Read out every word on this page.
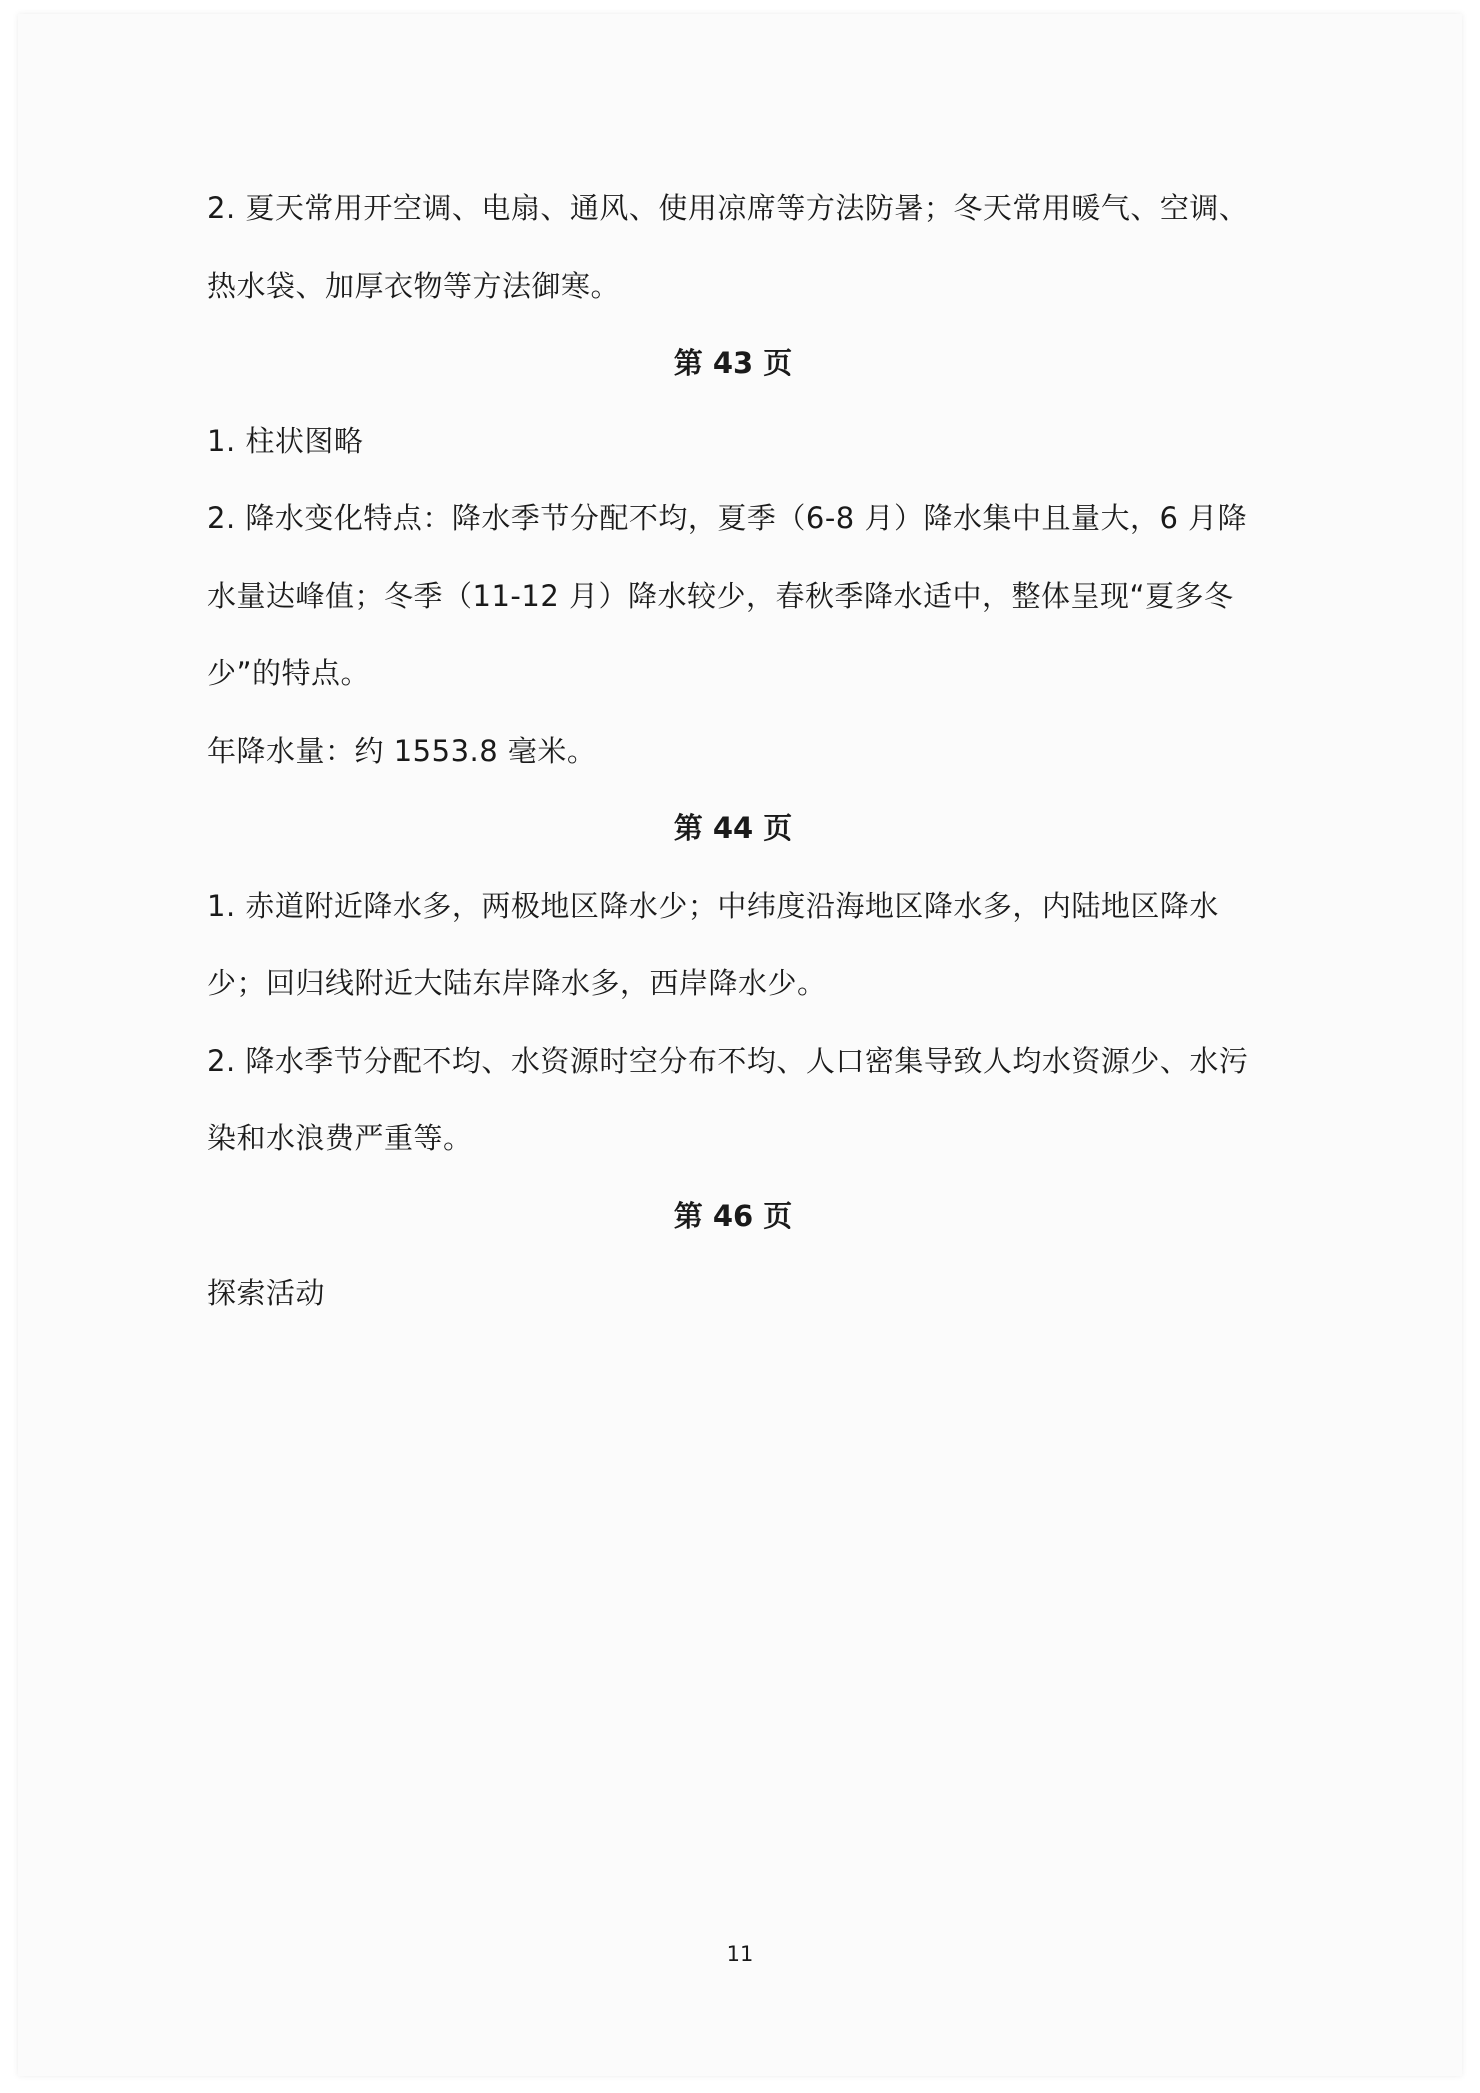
2. 夏天常用开空调、电扇、通风、使用凉席等方法防暑；冬天常用暖气、空调、热水袋、加厚衣物等方法御寒。

第 43 页

1. 柱状图略

2. 降水变化特点：降水季节分配不均，夏季（6-8 月）降水集中且量大，6 月降水量达峰值；冬季（11-12 月）降水较少，春秋季降水适中，整体呈现“夏多冬少”的特点。

年降水量：约 1553.8 毫米。

第 44 页

1. 赤道附近降水多，两极地区降水少；中纬度沿海地区降水多，内陆地区降水少；回归线附近大陆东岸降水多，西岸降水少。

2. 降水季节分配不均、水资源时空分布不均、人口密集导致人均水资源少、水污染和水浪费严重等。

第 46 页

探索活动

11
